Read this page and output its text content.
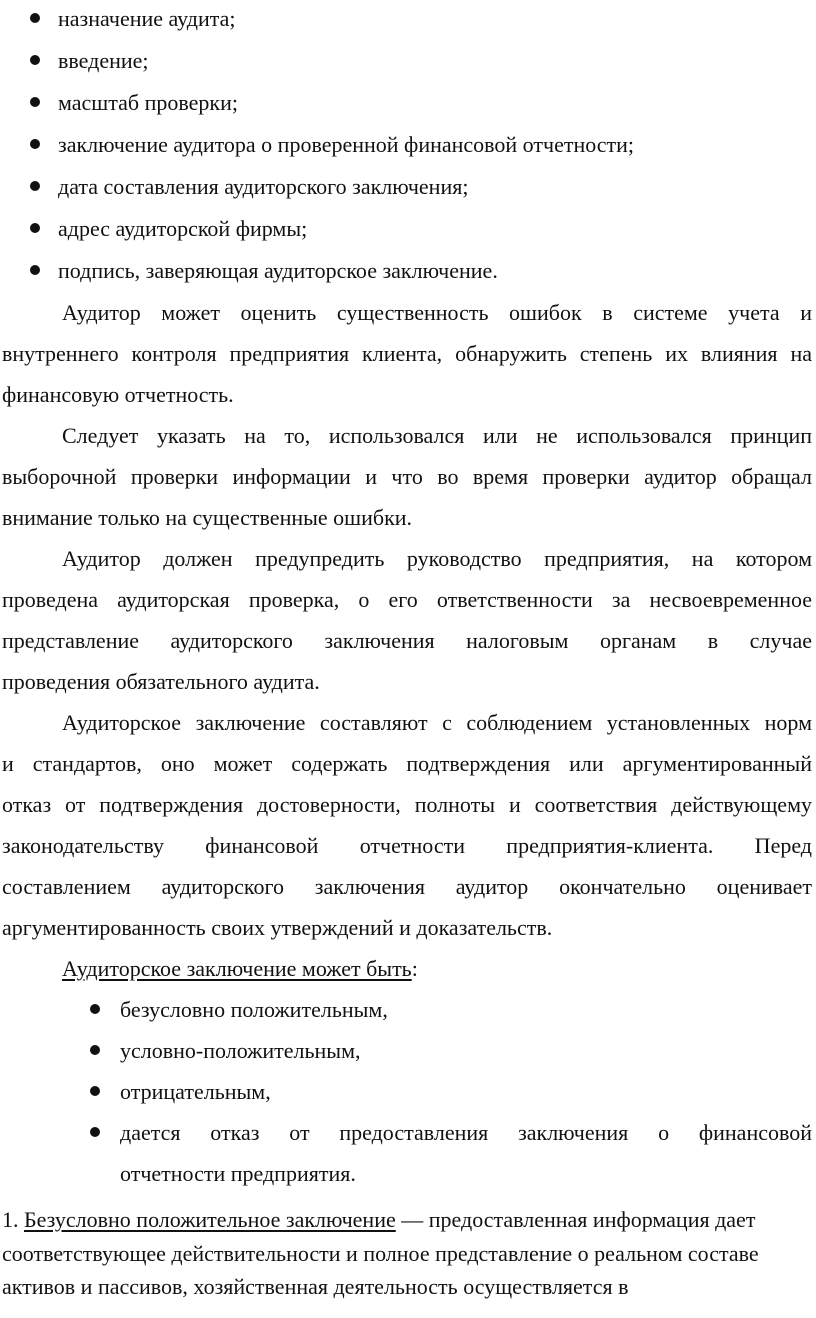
назначение аудита;
введение;
масштаб проверки;
заключение аудитора о проверенной финансовой отчетности;
дата составления аудиторского заключения;
адрес аудиторской фирмы;
подпись, заверяющая аудиторское заключение.
Аудитор может оценить существенность ошибок в системе учета и
внутреннего контроля предприятия клиента, обнаружить степень их влияния на
финансовую отчетность.
Следует указать на то, использовался или не использовался принцип
выборочной проверки информации и что во время проверки аудитор обращал
внимание только на существенные ошибки.
Аудитор должен предупредить руководство предприятия, на котором
проведена аудиторская проверка, о его ответственности за несвоевременное
представление аудиторского заключения налоговым органам в случае
проведения обязательного аудита.
Аудиторское заключение составляют с соблюдением установленных норм
и стандартов, оно может содержать подтверждения или аргументированный
отказ от подтверждения достоверности, полноты и соответствия действующему
законодательству финансовой отчетности предприятия-клиента. Перед
составлением аудиторского заключения аудитор окончательно оценивает
аргументированность своих утверждений и доказательств.
Аудиторское заключение может быть:
безусловно положительным,
условно-положительным,
отрицательным,
дается отказ от предоставления заключения о финансовой
отчетности предприятия.
1. Безусловно положительное заключение — предоставленная информация дает
соответствующее действительности и полное представление о реальном составе
активов и пассивов, хозяйственная деятельность осуществляется в
